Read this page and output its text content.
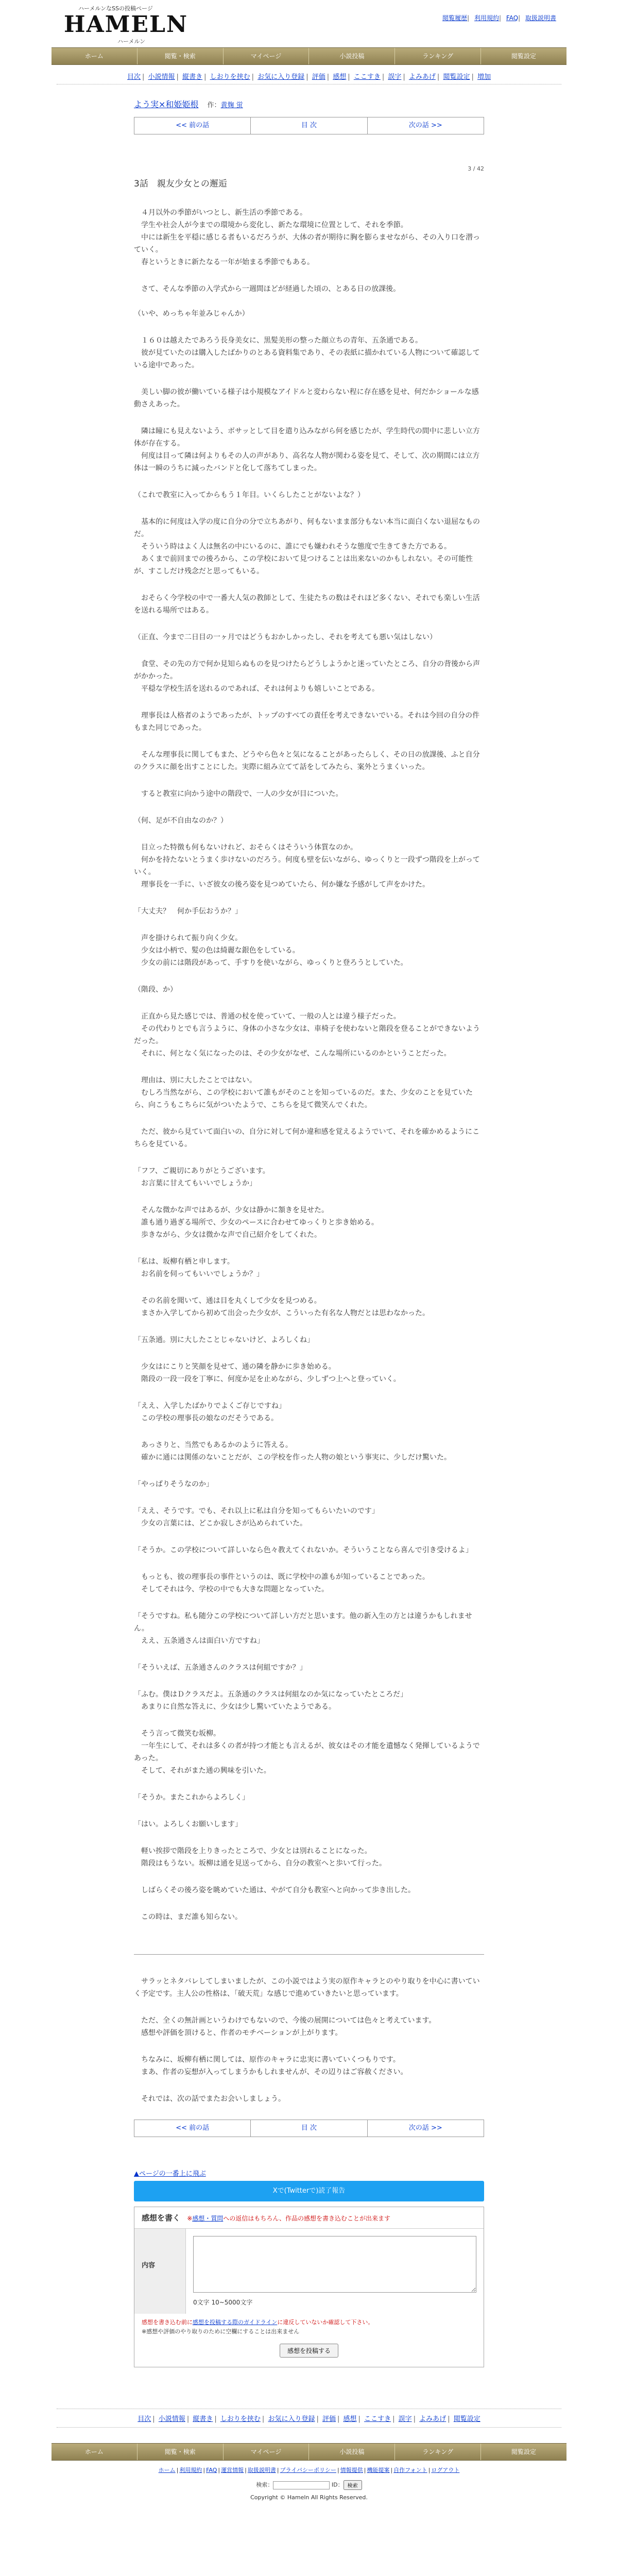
ハーメルンなSSの投稿ページ
HAMELN
ハーメルン
閲覧履歴| 利用規約| FAQ| 取扱説明書
ホーム	閲覧・検索	マイページ	小説投稿	ランキング	閲覧設定
目次 | 小説情報 | 縦書き | しおりを挟む | お気に入り登録 | 評価 | 感想 | ここすき | 誤字 | よみあげ | 閲覧設定 | 増加
よう実×和姫姫根 作：黄麹 蛍
<< 前の話	目 次	次の話 >>
3 / 42
3話　親友少女との邂逅

　４月以外の季節がいつとし、新生活の季節である。
　学生や社会人が今までの環境から変化し、新たな環境に位置として、それを季節。
　中には新生を平穏に感じる者もいるだろうが、大体の者が期待に胸を膨らませながら、その入り口を潜っていく。
　春というときに新たなる一年が始まる季節でもある。

　さて、そんな季節の入学式から一週間ほどが経過した頃の、とある日の放課後。

（いや、めっちゃ年並みじゃんか）

　１６０は越えたであろう長身美女に、黒髪美形の整った顔立ちの青年、五条通である。
　彼が見ていたのは購入したばかりのとある資料集であり、その表紙に描かれている人物について確認している途中であった。

　美しい脚の彼が働いている様子は小規模なアイドルと変わらない程に存在感を見せ、何だかショールな感動さえあった。

　隣は瞳にも見えないよう、ボサッとして目を遣り込みながら何を感じたが、学生時代の間中に悲しい立方体が存在する。
　何度は目って隣は何よりもその人の声があり、高名な人物が関わる姿を見て、そして、次の期間には立方体は一瞬のうちに減ったバンドと化して落ちてしまった。

（これで教室に入ってからもう１年目。いくらしたことがないよな？）

　基本的に何度は入学の度に自分の分で立ちあがり、何もないまま部分もない本当に面白くない退屈なものだ。
　そういう時はよく人は無名の中にいるのに、誰にでも嫌われそうな態度で生きてきた方である。
　あくまで前回までの後ろから、この学校において見つけることは出来ないのかもしれない。その可能性が、すこしだけ残念だと思ってもいる。

　おそらく今学校の中で一番大人気の教師として、生徒たちの数はそれほど多くない、それでも楽しい生活を送れる場所ではある。

（正直、今まで二日目の一ヶ月ではどうもおかしかったし、それを考えても悪い気はしない）

　食堂、その先の方で何か見知らぬものを見つけたらどうしようかと迷っていたところ、自分の背後から声がかかった。
　平穏な学校生活を送れるのであれば、それは何よりも嬉しいことである。

　理事長は人格者のようであったが、トップのすべての責任を考えできないでいる。それは今回の自分の件もまた同じであった。

　そんな理事長に関してもまた、どうやら色々と気になることがあったらしく、その日の放課後、ふと自分のクラスに顔を出すことにした。実際に組み立てて話をしてみたら、案外とうまくいった。

　すると教室に向かう途中の階段で、一人の少女が目についた。

（何、足が不自由なのか？）

　目立った特徴も何もないけれど、おそらくはそういう体質なのか。
　何かを持たないとうまく歩けないのだろう。何度も壁を伝いながら、ゆっくりと一段ずつ階段を上がっていく。
　理事長を一手に、いざ彼女の後ろ姿を見つめていたら、何か嫌な予感がして声をかけた。

「大丈夫？　何か手伝おうか？」

　声を掛けられて振り向く少女。
　少女は小柄で、髪の色は綺麗な銀色をしている。
　少女の前には階段があって、手すりを使いながら、ゆっくりと登ろうとしていた。

（階段、か）

　正直から見た感じでは、普通の杖を使っていて、一般の人とは違う様子だった。
　その代わりとでも言うように、身体の小さな少女は、車椅子を使わないと階段を登ることができないようだった。
　それに、何となく気になったのは、その少女がなぜ、こんな場所にいるのかということだった。

　理由は、別に大したことではない。
　むしろ当然ながら、この学校において誰もがそのことを知っているのだ。また、少女のことを見ていたら、向こうもこちらに気がついたようで、こちらを見て微笑んでくれた。

　ただ、彼から見ていて面白いの、自分に対して何か違和感を覚えるようでいて、それを確かめるようにこちらを見ている。

「フフ、ご親切にありがとうございます。
　お言葉に甘えてもいいでしょうか」

　そんな微かな声ではあるが、少女は静かに頷きを見せた。
　誰も通り過ぎる場所で、少女のペースに合わせてゆっくりと歩き始める。
　歩きながら、少女は微かな声で自己紹介をしてくれた。

「私は、坂柳有栖と申します。
　お名前を伺ってもいいでしょうか？」

　その名前を聞いて、通は目を丸くして少女を見つめる。
　まさか入学してから初めて出会った少女が、こういった有名な人物だとは思わなかった。

「五条通。別に大したことじゃないけど、よろしくね」

　少女はにこりと笑顔を見せて、通の隣を静かに歩き始める。
　階段の一段一段を丁寧に、何度か足を止めながら、少しずつ上へと登っていく。

「ええ、入学したばかりでよくご存じですね」
　この学校の理事長の娘なのだそうである。

　あっさりと、当然でもあるかのように答える。
　確かに通には関係のないことだが、この学校を作った人物の娘という事実に、少しだけ驚いた。

「やっぱりそうなのか」

「ええ、そうです。でも、それ以上に私は自分を知ってもらいたいのです」
　少女の言葉には、どこか寂しさが込められていた。

「そうか。この学校について詳しいなら色々教えてくれないか。そういうことなら喜んで引き受けるよ」

　もっとも、彼の理事長の事件というのは、既に学校中の誰もが知っていることであった。
　そしてそれは今、学校の中でも大きな問題となっていた。

「そうですね。私も随分この学校について詳しい方だと思います。他の新入生の方とは違うかもしれません。
　ええ、五条通さんは面白い方ですね」

「そういえば、五条通さんのクラスは何組ですか？」

「ふむ。僕はＤクラスだよ。五条通のクラスは何組なのか気になっていたところだ」
　あまりに自然な答えに、少女は少し驚いていたようである。

　そう言って微笑む坂柳。
　一年生にして、それは多くの者が持つ才能とも言えるが、彼女はその才能を遺憾なく発揮しているようであった。
　そして、それがまた通の興味を引いた。

「そうか。またこれからよろしく」

「はい。よろしくお願いします」

　軽い挨拶で階段を上りきったところで、少女とは別れることになった。
　階段はもうない。坂柳は通を見送ってから、自分の教室へと歩いて行った。

　しばらくその後ろ姿を眺めていた通は、やがて自分も教室へと向かって歩き出した。

　この時は、まだ誰も知らない。

　サラッとネタバレしてしまいましたが、この小説ではよう実の原作キャラとのやり取りを中心に書いていく予定です。主人公の性格は、「破天荒」な感じで進めていきたいと思っています。

　ただ、全くの無計画というわけでもないので、今後の展開については色々と考えています。
　感想や評価を頂けると、作者のモチベーションが上がります。

　ちなみに、坂柳有栖に関しては、原作のキャラに忠実に書いていくつもりです。
　まあ、作者の妄想が入ってしまうかもしれませんが、その辺りはご容赦ください。

　それでは、次の話でまたお会いしましょう。

<< 前の話	目 次	次の話 >>
▲ページの一番上に飛ぶ
Xで(Twitterで)読了報告
感想を書く ※感想・質問への返信はもちろん、作品の感想を書き込むことが出来ます
内容
0文字 10~5000文字
感想を書き込む前に感想を投稿する際のガイドラインに違反していないか確認して下さい。
※感想や評価のやり取りのために空欄にすることは出来ません
感想を投稿する
目次 | 小説情報 | 縦書き | しおりを挟む | お気に入り登録 | 評価 | 感想 | ここすき | 誤字 | よみあげ | 閲覧設定
ホーム	閲覧・検索	マイページ	小説投稿	ランキング	閲覧設定
ホーム | 利用規約 | FAQ | 運営情報 | 取扱説明書 | プライバシーポリシー | 情報提供 | 機能提案 | 自作フォント | ログアウト
検索：	ID： 検索
Copyright © Hameln All Rights Reserved.
